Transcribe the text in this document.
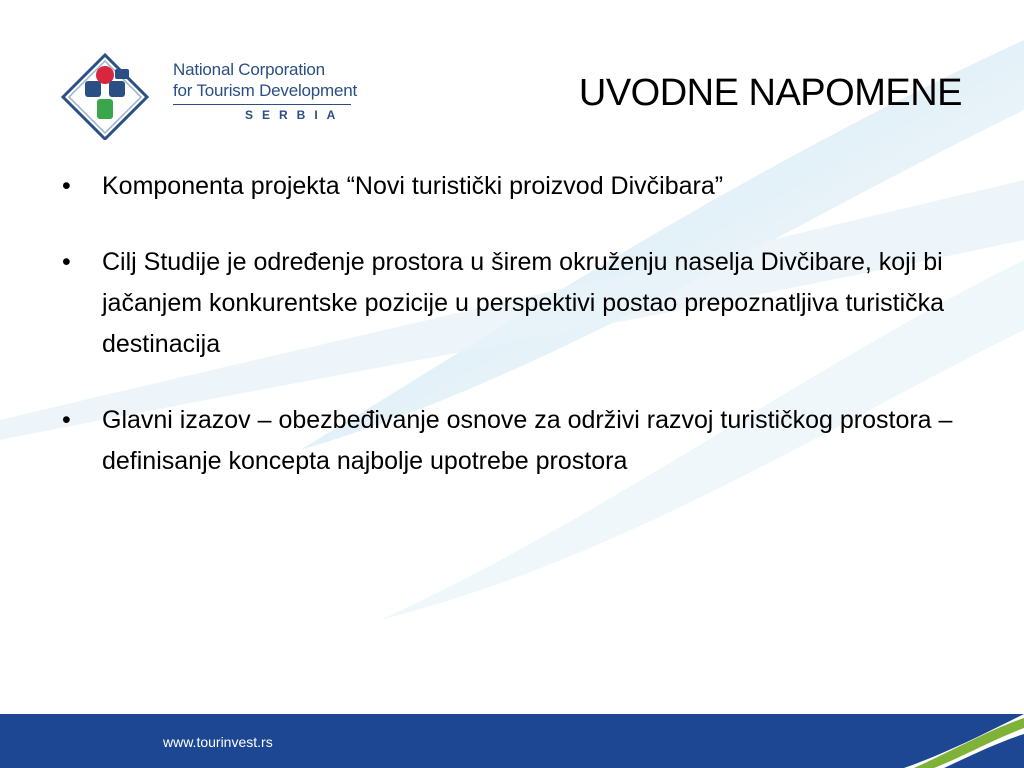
National Corporation
for Tourism Development
SERBIA
UVODNE NAPOMENE
• Komponenta projekta “Novi turistički proizvod Divčibara”
• Cilj Studije je određenje prostora u širem okruženju naselja Divčibare, koji bi jačanjem konkurentske pozicije u perspektivi postao prepoznatljiva turistička destinacija
• Glavni izazov – obezbeđivanje osnove za održivi razvoj turističkog prostora – definisanje koncepta najbolje upotrebe prostora
www.tourinvest.rs
